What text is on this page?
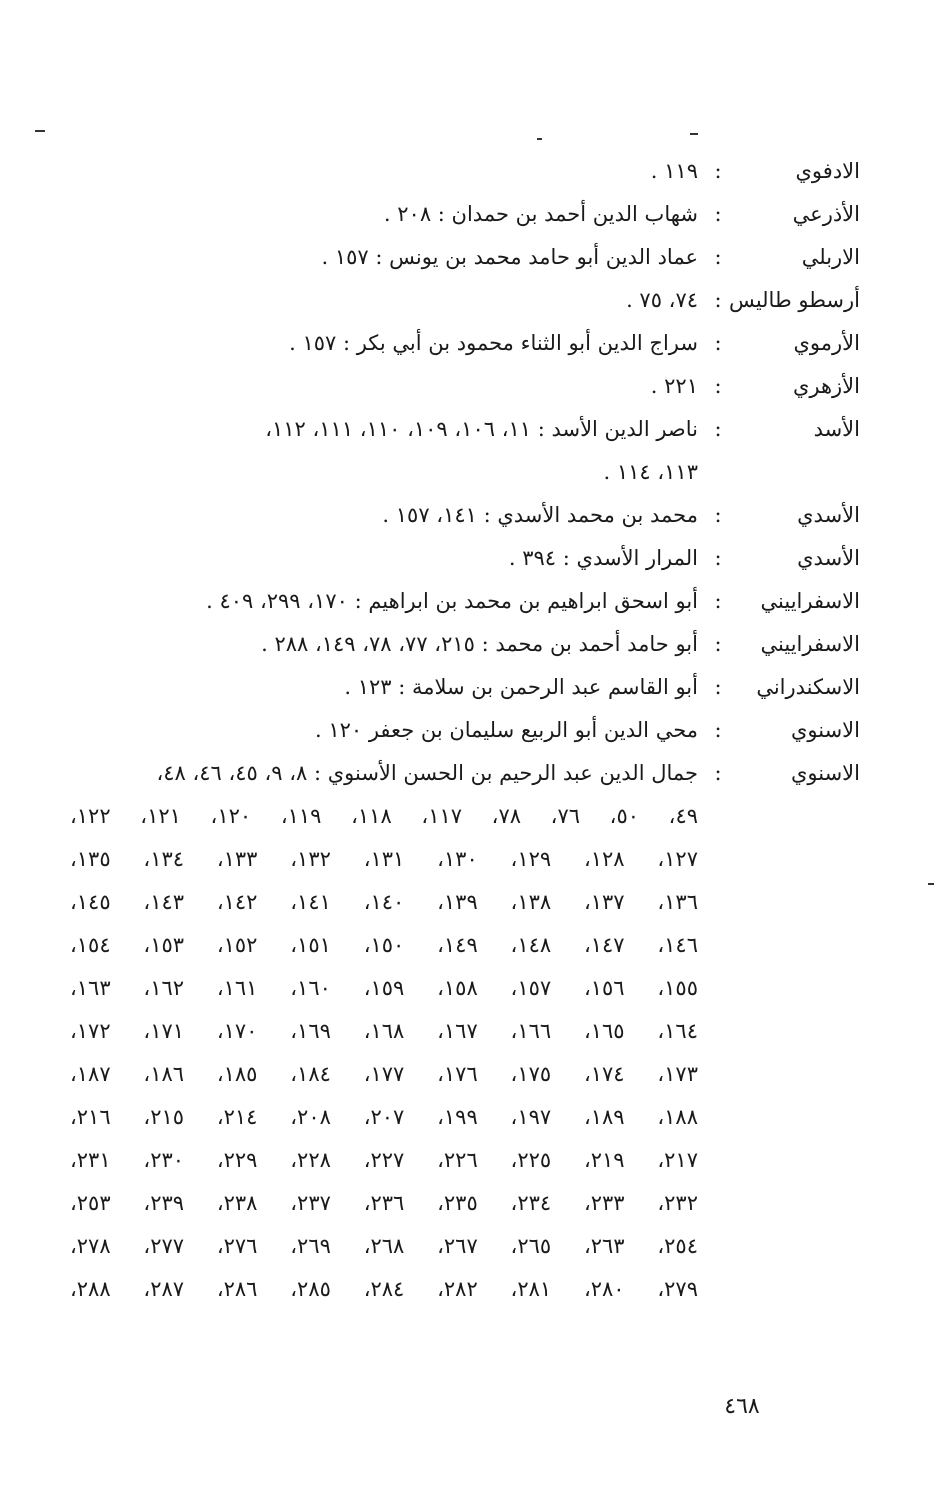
الادفوي
:
١١٩ .
الأذرعي
:
شهاب الدين أحمد بن حمدان : ٢٠٨ .
الاربلي
:
عماد الدين أبو حامد محمد بن يونس : ١٥٧ .
أرسطو طاليس
:
٧٤، ٧٥ .
الأرموي
:
سراج الدين أبو الثناء محمود بن أبي بكر : ١٥٧ .
الأزهري
:
٢٢١ .
الأسد
:
ناصر الدين الأسد : ١١، ١٠٦، ١٠٩، ١١٠، ١١١، ١١٢،
١١٣، ١١٤ .
الأسدي
:
محمد بن محمد الأسدي : ١٤١، ١٥٧ .
الأسدي
:
المرار الأسدي : ٣٩٤ .
الاسفراييني
:
أبو اسحق ابراهيم بن محمد بن ابراهيم : ١٧٠، ٢٩٩، ٤٠٩ .
الاسفراييني
:
أبو حامد أحمد بن محمد : ٢١٥، ٧٧، ٧٨، ١٤٩، ٢٨٨ .
الاسكندراني
:
أبو القاسم عبد الرحمن بن سلامة : ١٢٣ .
الاسنوي
:
محي الدين أبو الربيع سليمان بن جعفر ١٢٠ .
الاسنوي
:
جمال الدين عبد الرحيم بن الحسن الأسنوي : ٨، ٩، ٤٥، ٤٦، ٤٨،
٤٩، ٥٠، ٧٦، ٧٨، ١١٧، ١١٨، ١١٩، ١٢٠، ١٢١، ١٢٢،
١٢٧، ١٢٨، ١٢٩، ١٣٠، ١٣١، ١٣٢، ١٣٣، ١٣٤، ١٣٥،
١٣٦، ١٣٧، ١٣٨، ١٣٩، ١٤٠، ١٤١، ١٤٢، ١٤٣، ١٤٥،
١٤٦، ١٤٧، ١٤٨، ١٤٩، ١٥٠، ١٥١، ١٥٢، ١٥٣، ١٥٤،
١٥٥، ١٥٦، ١٥٧، ١٥٨، ١٥٩، ١٦٠، ١٦١، ١٦٢، ١٦٣،
١٦٤، ١٦٥، ١٦٦، ١٦٧، ١٦٨، ١٦٩، ١٧٠، ١٧١، ١٧٢،
١٧٣، ١٧٤، ١٧٥، ١٧٦، ١٧٧، ١٨٤، ١٨٥، ١٨٦، ١٨٧،
١٨٨، ١٨٩، ١٩٧، ١٩٩، ٢٠٧، ٢٠٨، ٢١٤، ٢١٥، ٢١٦،
٢١٧، ٢١٩، ٢٢٥، ٢٢٦، ٢٢٧، ٢٢٨، ٢٢٩، ٢٣٠، ٢٣١،
٢٣٢، ٢٣٣، ٢٣٤، ٢٣٥، ٢٣٦، ٢٣٧، ٢٣٨، ٢٣٩، ٢٥٣،
٢٥٤، ٢٦٣، ٢٦٥، ٢٦٧، ٢٦٨، ٢٦٩، ٢٧٦، ٢٧٧، ٢٧٨،
٢٧٩، ٢٨٠، ٢٨١، ٢٨٢، ٢٨٤، ٢٨٥، ٢٨٦، ٢٨٧، ٢٨٨،
٤٦٨
